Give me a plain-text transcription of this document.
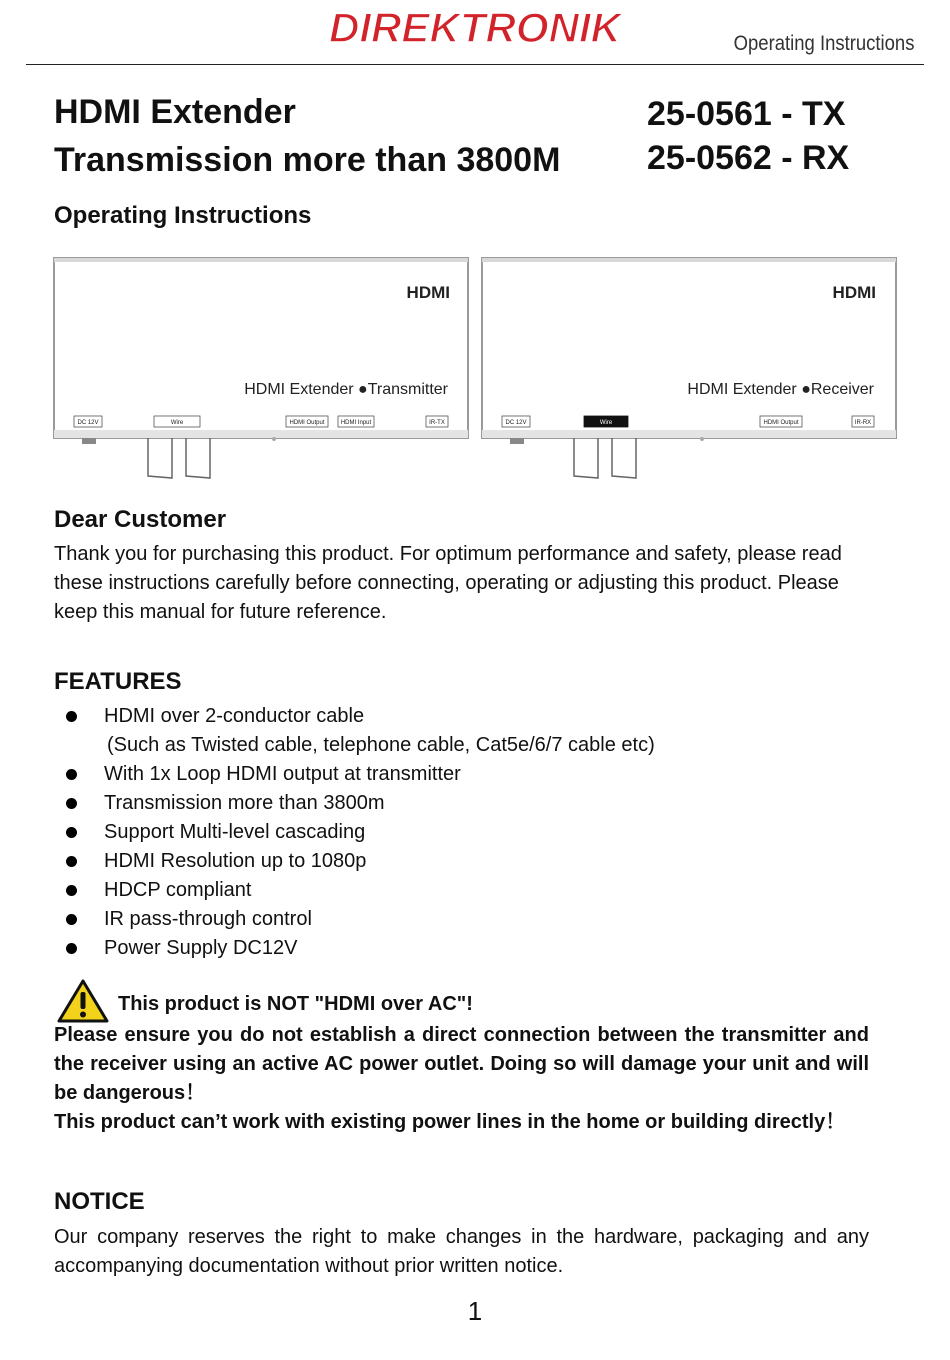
DIREKTRONIK	Operating Instructions
HDMI Extender
Transmission more than 3800M
25-0561 - TX
25-0562 - RX
Operating Instructions
HDMI
HDMI Extender ●Transmitter
DC 12V	Wire	HDMI Output	HDMI Input	IR-TX
HDMI
HDMI Extender ●Receiver
DC 12V	Wire	HDMI Output	IR-RX
Dear Customer
Thank you for purchasing this product. For optimum performance and safety, please read these instructions carefully before connecting, operating or adjusting this product. Please keep this manual for future reference.
FEATURES
HDMI over 2-conductor cable
(Such as Twisted cable, telephone cable, Cat5e/6/7 cable etc)
With 1x Loop HDMI output at transmitter
Transmission more than 3800m
Support Multi-level cascading
HDMI Resolution up to 1080p
HDCP compliant
IR pass-through control
Power Supply DC12V
This product is NOT "HDMI over AC"!

Please ensure you do not establish a direct connection between the transmitter and the receiver using an active AC power outlet. Doing so will damage your unit and will be dangerous！

This product can’t work with existing power lines in the home or building directly！

NOTICE
Our company reserves the right to make changes in the hardware, packaging and any accompanying documentation without prior written notice.
1
